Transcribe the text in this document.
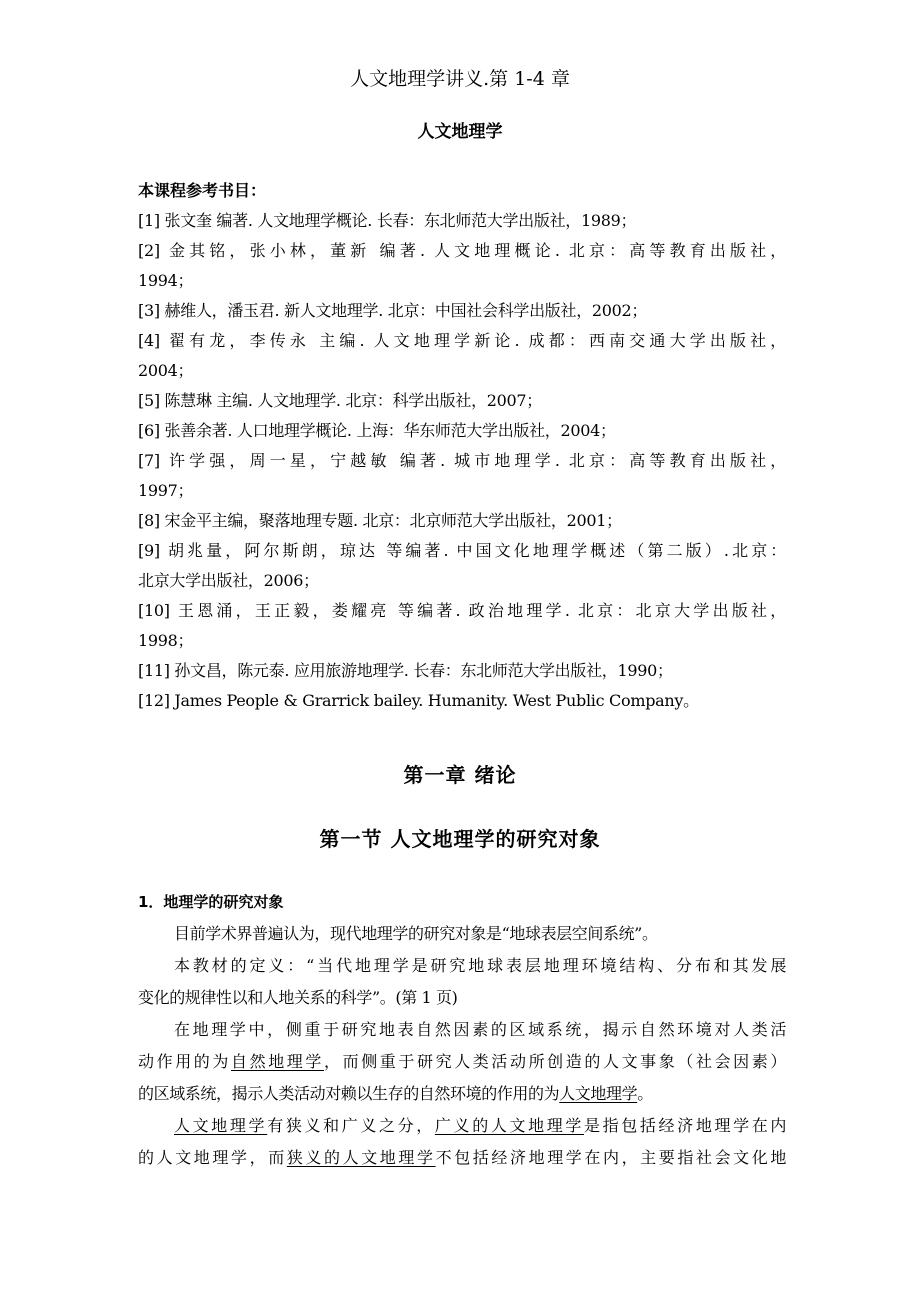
人文地理学讲义.第 1-4 章
人文地理学
本课程参考书目：
[1] 张文奎 编著. 人文地理学概论. 长春：东北师范大学出版社，1989；
[2] 金其铭，张小林，董新 编著. 人文地理概论. 北京：高等教育出版社，
1994；
[3] 赫维人，潘玉君. 新人文地理学. 北京：中国社会科学出版社，2002；
[4] 翟有龙，李传永 主编. 人文地理学新论. 成都：西南交通大学出版社，
2004；
[5] 陈慧琳 主编. 人文地理学. 北京：科学出版社，2007；
[6] 张善余著. 人口地理学概论. 上海：华东师范大学出版社，2004；
[7] 许学强，周一星，宁越敏 编著. 城市地理学. 北京：高等教育出版社，
1997；
[8] 宋金平主编，聚落地理专题. 北京：北京师范大学出版社，2001；
[9] 胡兆量，阿尔斯朗，琼达 等编著. 中国文化地理学概述（第二版）.北京：
北京大学出版社，2006；
[10] 王恩涌，王正毅，娄耀亮 等编著. 政治地理学. 北京：北京大学出版社，
1998；
[11] 孙文昌，陈元泰. 应用旅游地理学. 长春：东北师范大学出版社，1990；
[12] James People & Grarrick bailey. Humanity. West Public Company。
第一章 绪论
第一节 人文地理学的研究对象
1．地理学的研究对象
目前学术界普遍认为，现代地理学的研究对象是“地球表层空间系统”。
本教材的定义：“当代地理学是研究地球表层地理环境结构、分布和其发展
变化的规律性以和人地关系的科学”。(第 1 页)
在地理学中，侧重于研究地表自然因素的区域系统，揭示自然环境对人类活
动作用的为自然地理学，而侧重于研究人类活动所创造的人文事象（社会因素）
的区域系统，揭示人类活动对赖以生存的自然环境的作用的为人文地理学。
人文地理学有狭义和广义之分，广义的人文地理学是指包括经济地理学在内
的人文地理学，而狭义的人文地理学不包括经济地理学在内，主要指社会文化地
